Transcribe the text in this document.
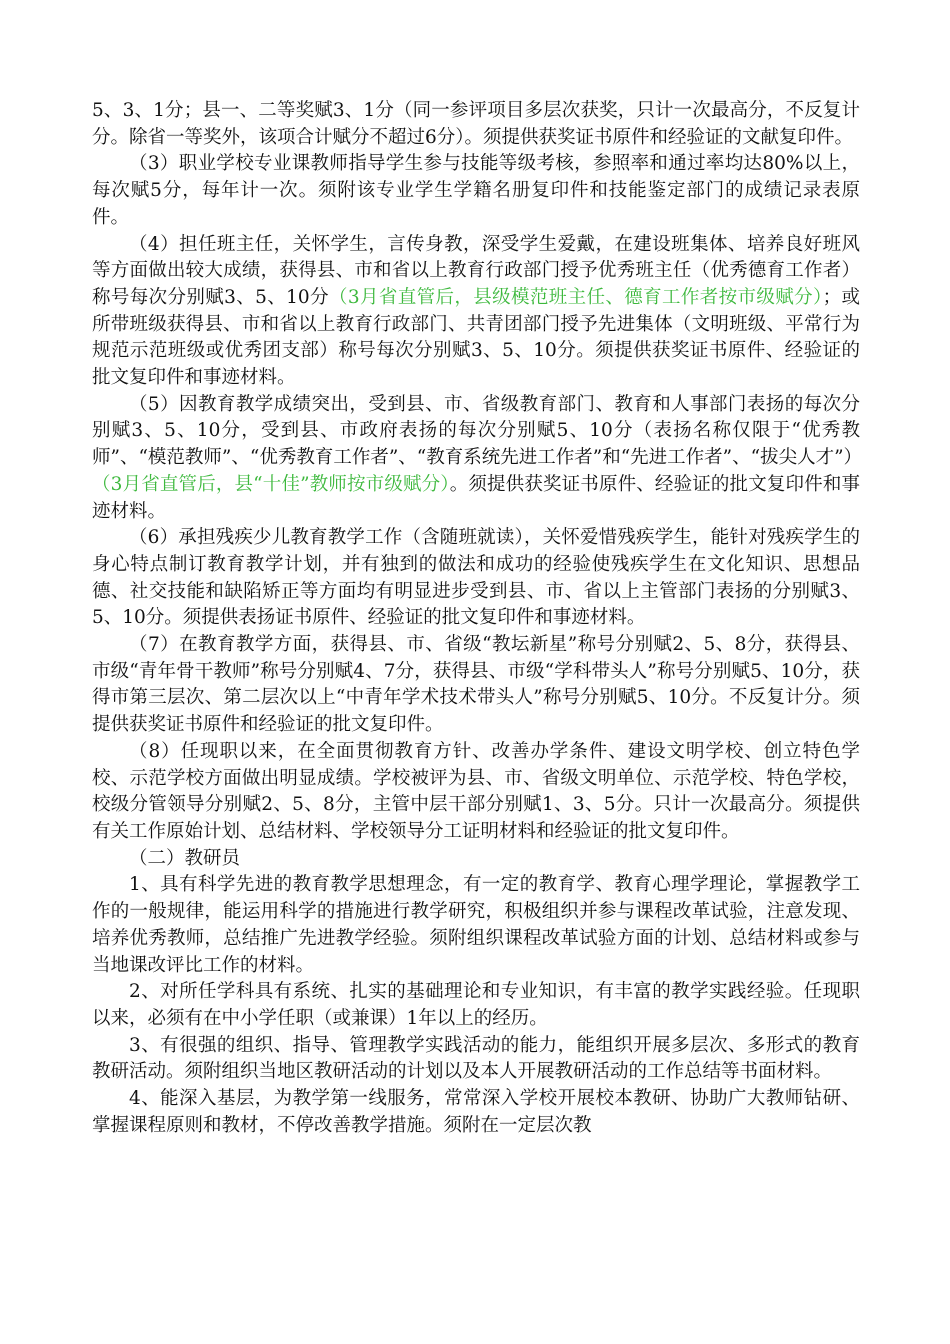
5、3、1分；县一、二等奖赋3、1分（同一参评项目多层次获奖，只计一次最高分，不反复计分。除省一等奖外，该项合计赋分不超过6分）。须提供获奖证书原件和经验证的文献复印件。

（3）职业学校专业课教师指导学生参与技能等级考核，参照率和通过率均达80%以上，每次赋5分，每年计一次。须附该专业学生学籍名册复印件和技能鉴定部门的成绩记录表原件。

（4）担任班主任，关怀学生，言传身教，深受学生爱戴，在建设班集体、培养良好班风等方面做出较大成绩，获得县、市和省以上教育行政部门授予优秀班主任（优秀德育工作者）称号每次分别赋3、5、10分（3月省直管后，县级模范班主任、德育工作者按市级赋分）；或所带班级获得县、市和省以上教育行政部门、共青团部门授予先进集体（文明班级、平常行为规范示范班级或优秀团支部）称号每次分别赋3、5、10分。须提供获奖证书原件、经验证的批文复印件和事迹材料。

（5）因教育教学成绩突出，受到县、市、省级教育部门、教育和人事部门表扬的每次分别赋3、5、10分，受到县、市政府表扬的每次分别赋5、10分（表扬名称仅限于“优秀教师”、“模范教师”、“优秀教育工作者”、“教育系统先进工作者”和“先进工作者”、“拔尖人才”）（3月省直管后，县“十佳”教师按市级赋分）。须提供获奖证书原件、经验证的批文复印件和事迹材料。

（6）承担残疾少儿教育教学工作（含随班就读），关怀爱惜残疾学生，能针对残疾学生的身心特点制订教育教学计划，并有独到的做法和成功的经验使残疾学生在文化知识、思想品德、社交技能和缺陷矫正等方面均有明显进步受到县、市、省以上主管部门表扬的分别赋3、5、10分。须提供表扬证书原件、经验证的批文复印件和事迹材料。

（7）在教育教学方面，获得县、市、省级“教坛新星”称号分别赋2、5、8分，获得县、市级“青年骨干教师”称号分别赋4、7分，获得县、市级“学科带头人”称号分别赋5、10分，获得市第三层次、第二层次以上“中青年学术技术带头人”称号分别赋5、10分。不反复计分。须提供获奖证书原件和经验证的批文复印件。

（8）任现职以来，在全面贯彻教育方针、改善办学条件、建设文明学校、创立特色学校、示范学校方面做出明显成绩。学校被评为县、市、省级文明单位、示范学校、特色学校，校级分管领导分别赋2、5、8分，主管中层干部分别赋1、3、5分。只计一次最高分。须提供有关工作原始计划、总结材料、学校领导分工证明材料和经验证的批文复印件。

（二）教研员

1、具有科学先进的教育教学思想理念，有一定的教育学、教育心理学理论，掌握教学工作的一般规律，能运用科学的措施进行教学研究，积极组织并参与课程改革试验，注意发现、培养优秀教师，总结推广先进教学经验。须附组织课程改革试验方面的计划、总结材料或参与当地课改评比工作的材料。

2、对所任学科具有系统、扎实的基础理论和专业知识，有丰富的教学实践经验。任现职以来，必须有在中小学任职（或兼课）1年以上的经历。

3、有很强的组织、指导、管理教学实践活动的能力，能组织开展多层次、多形式的教育教研活动。须附组织当地区教研活动的计划以及本人开展教研活动的工作总结等书面材料。

4、能深入基层，为教学第一线服务，常常深入学校开展校本教研、协助广大教师钻研、掌握课程原则和教材，不停改善教学措施。须附在一定层次教
